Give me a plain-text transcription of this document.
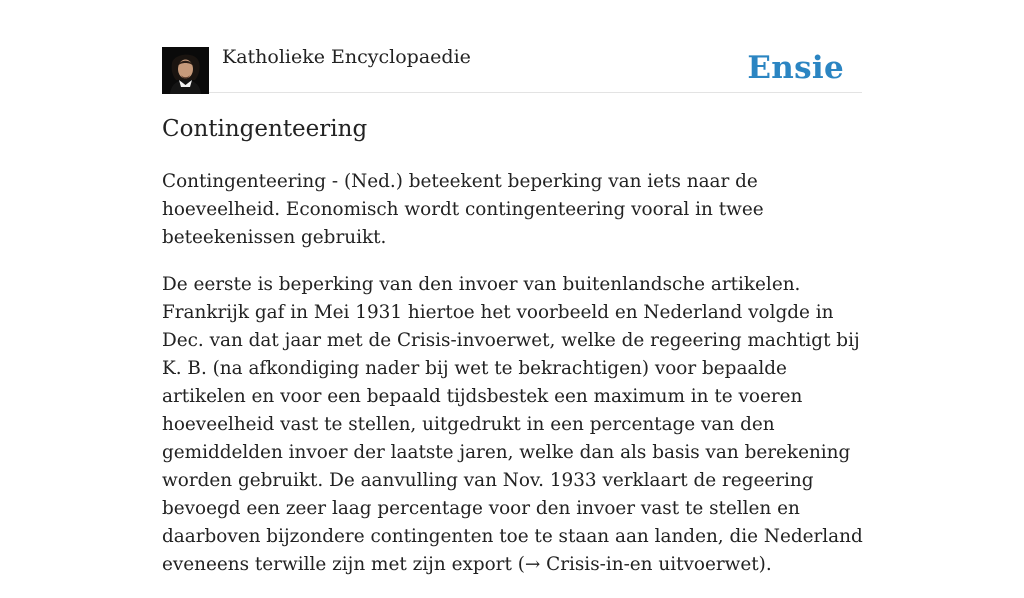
Katholieke Encyclopaedie	Ensie
Contingenteering

Contingenteering - (Ned.) beteekent beperking van iets naar de hoeveelheid. Economisch wordt contingenteering vooral in twee beteekenissen gebruikt.

De eerste is beperking van den invoer van buitenlandsche artikelen. Frankrijk gaf in Mei 1931 hiertoe het voorbeeld en Nederland volgde in Dec. van dat jaar met de Crisis-invoerwet, welke de regeering machtigt bij K. B. (na afkondiging nader bij wet te bekrachtigen) voor bepaalde artikelen en voor een bepaald tijdsbestek een maximum in te voeren hoeveelheid vast te stellen, uitgedrukt in een percentage van den gemiddelden invoer der laatste jaren, welke dan als basis van berekening worden gebruikt. De aanvulling van Nov. 1933 verklaart de regeering bevoegd een zeer laag percentage voor den invoer vast te stellen en daarboven bijzondere contingenten toe te staan aan landen, die Nederland eveneens terwille zijn met zijn export (→ Crisis-in-en uitvoerwet).
